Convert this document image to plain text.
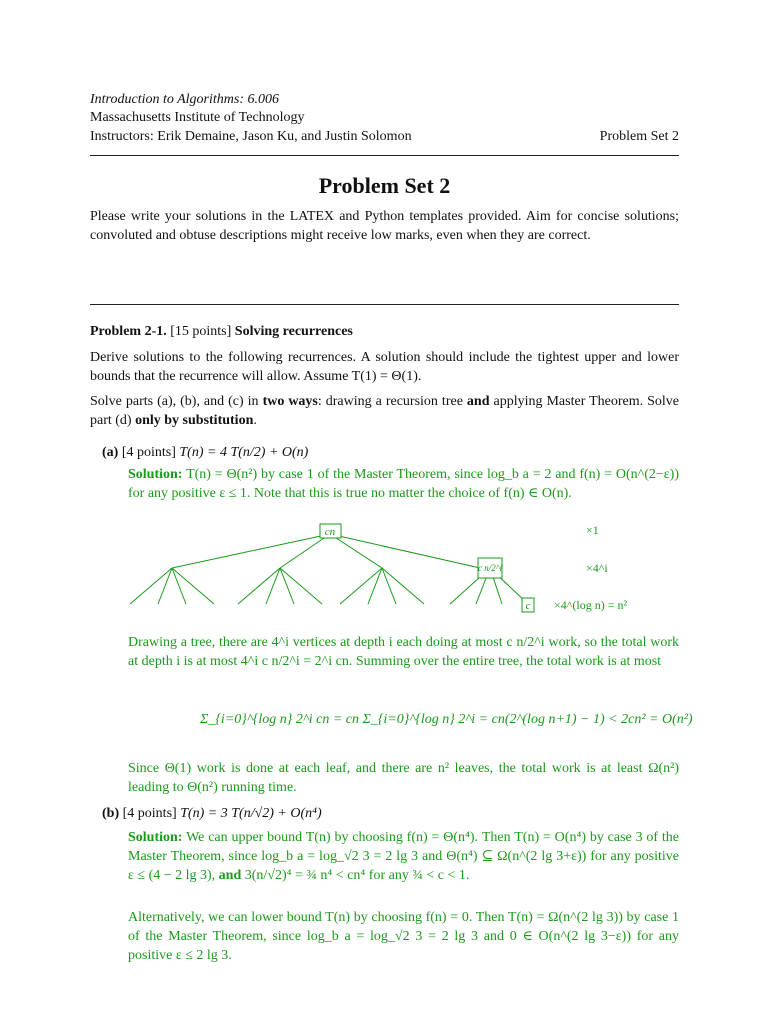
Introduction to Algorithms: 6.006
Massachusetts Institute of Technology
Instructors: Erik Demaine, Jason Ku, and Justin Solomon	Problem Set 2
Problem Set 2
Please write your solutions in the LATEX and Python templates provided. Aim for concise solutions; convoluted and obtuse descriptions might receive low marks, even when they are correct.
Problem 2-1. [15 points] Solving recurrences
Derive solutions to the following recurrences. A solution should include the tightest upper and lower bounds that the recurrence will allow. Assume T(1) = Θ(1).
Solve parts (a), (b), and (c) in two ways: drawing a recursion tree and applying Master Theorem. Solve part (d) only by substitution.
(a) [4 points] T(n) = 4 T(n/2) + O(n)
Solution: T(n) = Θ(n²) by case 1 of the Master Theorem, since log_b a = 2 and f(n) = O(n^(2−ε)) for any positive ε ≤ 1. Note that this is true no matter the choice of f(n) ∈ O(n).
cn
c n/2^i
c
×1
×4^i
×4^(log n) = n²
Drawing a tree, there are 4^i vertices at depth i each doing at most c n/2^i work, so the total work at depth i is at most 4^i c n/2^i = 2^i cn. Summing over the entire tree, the total work is at most
Σ_{i=0}^{log n} 2^i cn = cn Σ_{i=0}^{log n} 2^i = cn(2^(log n+1) − 1) < 2cn² = O(n²)
Since Θ(1) work is done at each leaf, and there are n² leaves, the total work is at least Ω(n²) leading to Θ(n²) running time.
(b) [4 points] T(n) = 3 T(n/√2) + O(n⁴)
Solution: We can upper bound T(n) by choosing f(n) = Θ(n⁴). Then T(n) = O(n⁴) by case 3 of the Master Theorem, since log_b a = log_√2 3 = 2 lg 3 and Θ(n⁴) ⊆ Ω(n^(2 lg 3+ε)) for any positive ε ≤ (4 − 2 lg 3), and 3(n/√2)⁴ = ¾ n⁴ < cn⁴ for any ¾ < c < 1.
Alternatively, we can lower bound T(n) by choosing f(n) = 0. Then T(n) = Ω(n^(2 lg 3)) by case 1 of the Master Theorem, since log_b a = log_√2 3 = 2 lg 3 and 0 ∈ O(n^(2 lg 3−ε)) for any positive ε ≤ 2 lg 3.
